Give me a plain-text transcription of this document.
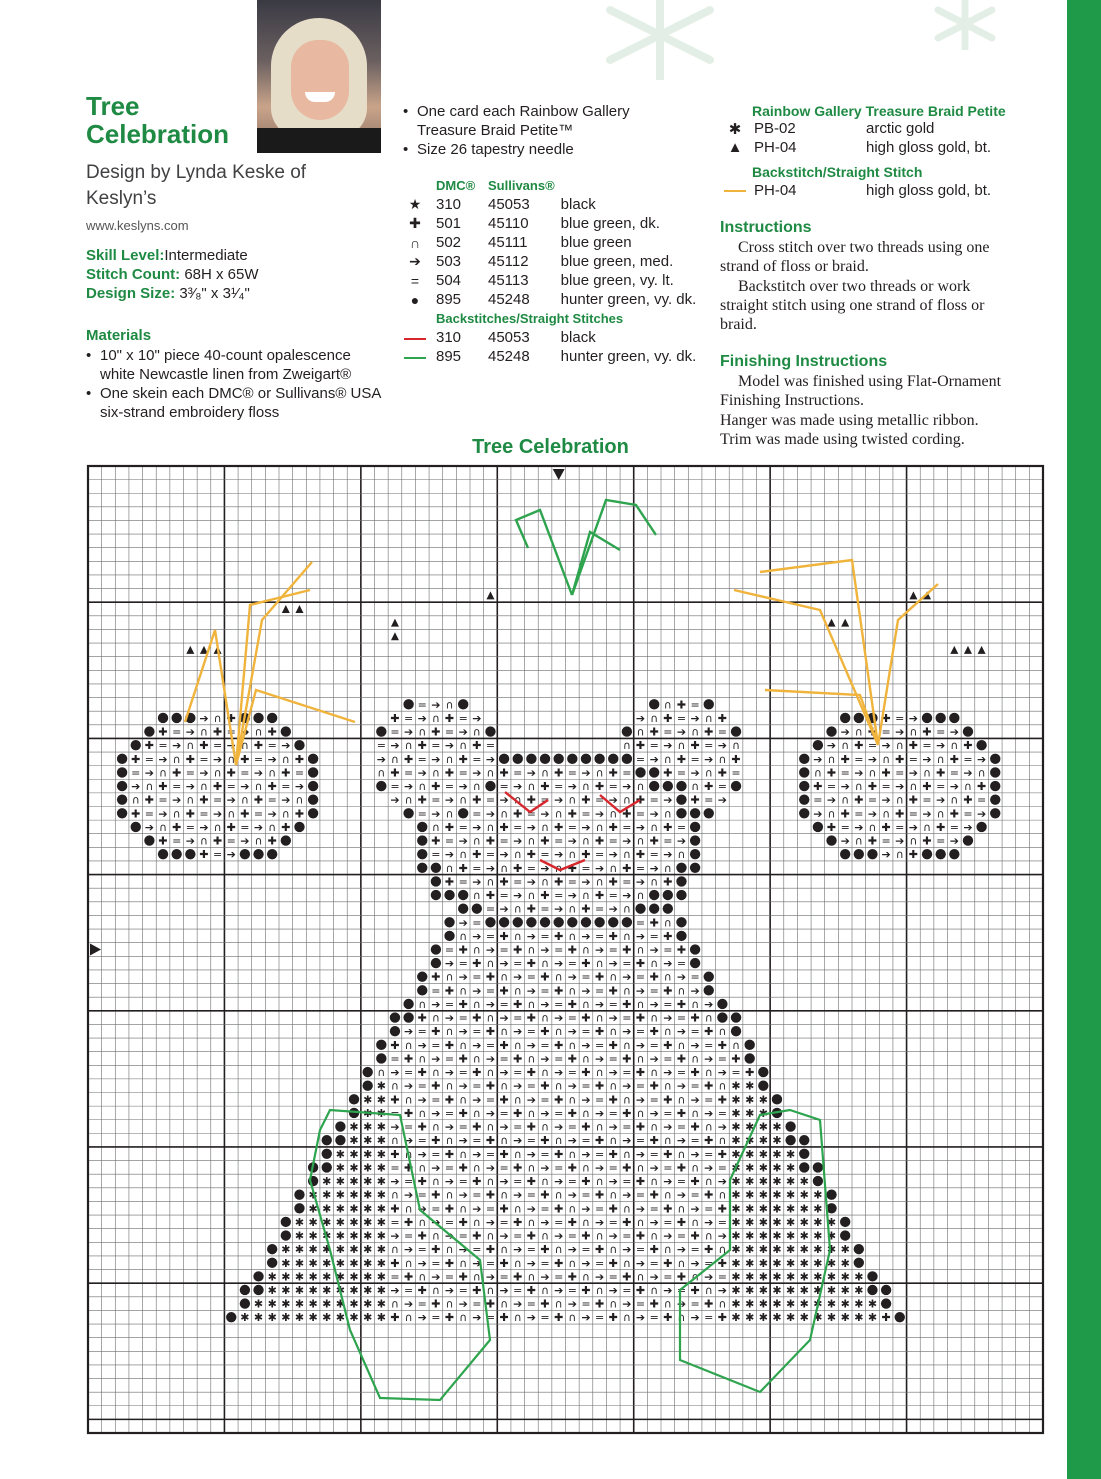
Tree Celebration
Design by Lynda Keske of Keslyn’s
www.keslyns.com
Skill Level:Intermediate
Stitch Count: 68H x 65W
Design Size: 3³⁄₈" x 3¹⁄₄"
Materials
• 10" x 10" piece 40-count opalescence white Newcastle linen from Zweigart®
• One skein each DMC® or Sullivans® USA six-strand embroidery floss
• One card each Rainbow Gallery Treasure Braid Petite™
• Size 26 tapestry needle
	DMC®	Sullivans®	
★	310	45053	black
✚	501	45110	blue green, dk.
∩	502	45111	blue green
➔	503	45112	blue green, med.
=	504	45113	blue green, vy. lt.
●	895	45248	hunter green, vy. dk.
Backstitches/Straight Stitches			
	310	45053	black
	895	45248	hunter green, vy. dk.
Rainbow Gallery Treasure Braid Petite
✱	PB-02	arctic gold
▲	PH-04	high gloss gold, bt.
Backstitch/Straight Stitch
	PH-04	high gloss gold, bt.
Instructions

Cross stitch over two threads using one strand of floss or braid.

Backstitch over two threads or work straight stitch using one strand of floss or braid.

Finishing Instructions

Model was finished using Flat-Ornament Finishing Instructions.

Hanger was made using metallic ribbon.

Trim was made using twisted cording.

Tree Celebration
= ➔ ∩	∩ ✚ =
➔ ∩ ✚	✚ = ➔ ∩ ✚ = ➔	➔ ∩ ✚ = ➔ ∩ ✚	✚ = ➔
✚ = ➔ ∩ ✚ = ➔ ∩ ✚	= ➔ ∩ ✚ = ➔ ∩	∩ ✚ = ➔ ∩ ✚ =	➔ ∩ ✚ = ➔ ∩ ✚ = ➔
✚ = ➔ ∩ ✚ = ➔ ∩ ✚ = ➔	= ➔ ∩ ✚ = ➔ ∩ ✚ =	∩ ✚ = ➔ ∩ ✚ = ➔ ∩	➔ ∩ ✚ = ➔ ∩ ✚ = ➔ ∩ ✚
✚ = ➔ ∩ ✚ = ➔ ∩ ✚ = ➔ ∩ ✚	➔ ∩ ✚ = ➔ ∩ ✚ = ➔	= ➔ ∩ ✚ = ➔ ∩ ✚	➔ ∩ ✚ = ➔ ∩ ✚ = ➔ ∩ ✚ = ➔
= ➔ ∩ ✚ = ➔ ∩ ✚ = ➔ ∩ ✚ =	∩ ✚ = ➔ ∩ ✚ = ➔ ∩ ✚ = ➔ ∩ ✚ = ➔ ∩ ✚ =	✚ = ➔ ∩ ✚ =	∩ ✚ = ➔ ∩ ✚ = ➔ ∩ ✚ = ➔ ∩
➔ ∩ ✚ = ➔ ∩ ✚ = ➔ ∩ ✚ = ➔	= ➔ ∩ ✚ = ➔ ∩ = ➔ ∩ ✚ = ➔ ∩ ✚ = ➔ ∩	∩ ✚ =	✚ = ➔ ∩ ✚ = ➔ ∩ ✚ = ➔ ∩ ✚
∩ ✚ = ➔ ∩ ✚ = ➔ ∩ ✚ = ➔ ∩	➔ ∩ ✚ = ➔ ∩ ✚ = ➔ ∩ ✚ = ➔ ∩ ✚ = ➔ ∩ ✚ = ➔ ✚ = ➔	= ➔ ∩ ✚ = ➔ ∩ ✚ = ➔ ∩ ✚ =
✚ = ➔ ∩ ✚ = ➔ ∩ ✚ = ➔ ∩ ✚	= ➔ ∩ = ➔ ∩ ✚ = ➔ ∩ ✚ = ➔ ∩ ✚ = ➔ ∩	➔ ∩ ✚ = ➔ ∩ ✚ = ➔ ∩ ✚ = ➔
➔ ∩ ✚ = ➔ ∩ ✚ = ➔ ∩ ✚	∩ ✚ = ➔ ∩ ✚ = ➔ ∩ ✚ = ➔ ∩ ✚ = ➔ ∩ ✚ =	✚ = ➔ ∩ ✚ = ➔ ∩ ✚ = ➔
✚ = ➔ ∩ ✚ = ➔ ∩ ✚	✚ = ➔ ∩ ✚ = ➔ ∩ ✚ = ➔ ∩ ✚ = ➔ ∩ ✚ = ➔	➔ ∩ ✚ = ➔ ∩ ✚ = ➔
✚ = ➔	= ➔ ∩ ✚ = ➔ ∩ ✚ = ➔ ∩ ✚ = ➔ ∩ ✚ = ➔ ∩	➔ ∩ ✚
∩ ✚ = ➔ ∩ ✚ = ➔ ∩ ✚ = ➔ ∩ ✚ = ➔ ∩
✚ = ➔ ∩ ✚ = ➔ ∩ ✚ = ➔ ∩ ✚ = ➔ ∩ ✚
∩ ✚ = ➔ ∩ ✚ = ➔ ∩ ✚ = ➔ ∩
= ➔ ∩ ✚ = ➔ ∩ ✚ = ➔ ∩
➔ =	= ✚ ∩
∩ ➔ = ✚ ∩ ➔ = ✚ ∩ ➔ = ✚ ∩ ➔ = ✚
= ✚ ∩ ➔ = ✚ ∩ ➔ = ✚ ∩ ➔ = ✚ ∩ ➔ = ✚
➔ = ✚ ∩ ➔ = ✚ ∩ ➔ = ✚ ∩ ➔ = ✚ ∩ ➔ =
✚ ∩ ➔ = ✚ ∩ ➔ = ✚ ∩ ➔ = ✚ ∩ ➔ = ✚ ∩ ➔ =
= ✚ ∩ ➔ = ✚ ∩ ➔ = ✚ ∩ ➔ = ✚ ∩ ➔ = ✚ ∩ ➔
∩ ➔ = ✚ ∩ ➔ = ✚ ∩ ➔ = ✚ ∩ ➔ = ✚ ∩ ➔ = ✚ ∩ ➔
✚ ∩ ➔ = ✚ ∩ ➔ = ✚ ∩ ➔ = ✚ ∩ ➔ = ✚ ∩ ➔ = ✚ ∩
➔ = ✚ ∩ ➔ = ✚ ∩ ➔ = ✚ ∩ ➔ = ✚ ∩ ➔ = ✚ ∩ ➔ = ✚ ∩
✚ ∩ ➔ = ✚ ∩ ➔ = ✚ ∩ ➔ = ✚ ∩ ➔ = ✚ ∩ ➔ = ✚ ∩ ➔ = ✚ ∩
= ✚ ∩ ➔ = ✚ ∩ ➔ = ✚ ∩ ➔ = ✚ ∩ ➔ = ✚ ∩ ➔ = ✚ ∩ ➔ = ✚
∩ ➔ = ✚ ∩ ➔ = ✚ ∩ ➔ = ✚ ∩ ➔ = ✚ ∩ ➔ = ✚ ∩ ➔ = ✚ ∩ ➔ = ✚
✱ ∩ ➔ = ✚ ∩ ➔ = ✚ ∩ ➔ = ✚ ∩ ➔ = ✚ ∩ ➔ = ✚ ∩ ➔ = ✚ ∩ ✱ ✱
✱ ✱ ✚ ∩ ➔ = ✚ ∩ ➔ = ✚ ∩ ➔ = ✚ ∩ ➔ = ✚ ∩ ➔ = ✚ ∩ ➔ = ✚ ✱ ✱ ✱
✱ ✱ = ✚ ∩ ➔ = ✚ ∩ ➔ = ✚ ∩ ➔ = ✚ ∩ ➔ = ✚ ∩ ➔ = ✚ ∩ ➔ = ✱ ✱ ✱
✱ ✱ ✱ ➔ = ✚ ∩ ➔ = ✚ ∩ ➔ = ✚ ∩ ➔ = ✚ ∩ ➔ = ✚ ∩ ➔ = ✚ ∩ ➔ ✱ ✱ ✱ ✱
✱ ✱ ✱ ∩ ➔ = ✚ ∩ ➔ = ✚ ∩ ➔ = ✚ ∩ ➔ = ✚ ∩ ➔ = ✚ ∩ ➔ = ✚ ∩ ✱ ✱ ✱ ✱
✱ ✱ ✱ ✱ ✚ ∩ ➔ = ✚ ∩ ➔ = ✚ ∩ ➔ = ✚ ∩ ➔ = ✚ ∩ ➔ = ✚ ∩ ➔ = ✚ ✱ ✱ ✱ ✱ ✱
✱ ✱ ✱ ✱ = ✚ ∩ ➔ = ✚ ∩ ➔ = ✚ ∩ ➔ = ✚ ∩ ➔ = ✚ ∩ ➔ = ✚ ∩ ➔ = ✱ ✱ ✱ ✱ ✱
✱ ✱ ✱ ✱ ✱ ➔ = ✚ ∩ ➔ = ✚ ∩ ➔ = ✚ ∩ ➔ = ✚ ∩ ➔ = ✚ ∩ ➔ = ✚ ∩ ➔ ✱ ✱ ✱ ✱ ✱ ✱
✱ ✱ ✱ ✱ ✱ ✱ ∩ ➔ = ✚ ∩ ➔ = ✚ ∩ ➔ = ✚ ∩ ➔ = ✚ ∩ ➔ = ✚ ∩ ➔ = ✚ ∩ ✱ ✱ ✱ ✱ ✱ ✱ ✱
✱ ✱ ✱ ✱ ✱ ✱ ✚ ∩ ➔ = ✚ ∩ ➔ = ✚ ∩ ➔ = ✚ ∩ ➔ = ✚ ∩ ➔ = ✚ ∩ ➔ = ✚ ✱ ✱ ✱ ✱ ✱ ✱ ✱
✱ ✱ ✱ ✱ ✱ ✱ ✱ = ✚ ∩ ➔ = ✚ ∩ ➔ = ✚ ∩ ➔ = ✚ ∩ ➔ = ✚ ∩ ➔ = ✚ ∩ ➔ = ✱ ✱ ✱ ✱ ✱ ✱ ✱ ✱
✱ ✱ ✱ ✱ ✱ ✱ ✱ ➔ = ✚ ∩ ➔ = ✚ ∩ ➔ = ✚ ∩ ➔ = ✚ ∩ ➔ = ✚ ∩ ➔ = ✚ ∩ ➔ ✱ ✱ ✱ ✱ ✱ ✱ ✱ ✱
✱ ✱ ✱ ✱ ✱ ✱ ✱ ✱ ∩ ➔ = ✚ ∩ ➔ = ✚ ∩ ➔ = ✚ ∩ ➔ = ✚ ∩ ➔ = ✚ ∩ ➔ = ✚ ∩ ✱ ✱ ✱ ✱ ✱ ✱ ✱ ✱ ✱
✱ ✱ ✱ ✱ ✱ ✱ ✱ ✱ ✚ ∩ ➔ = ✚ ∩ ➔ = ✚ ∩ ➔ = ✚ ∩ ➔ = ✚ ∩ ➔ = ✚ ∩ ➔ = ✚ ✱ ✱ ✱ ✱ ✱ ✱ ✱ ✱ ✱
✱ ✱ ✱ ✱ ✱ ✱ ✱ ✱ ✱ = ✚ ∩ ➔ = ✚ ∩ ➔ = ✚ ∩ ➔ = ✚ ∩ ➔ = ✚ ∩ ➔ = ✚ ∩ ➔ = ✱ ✱ ✱ ✱ ✱ ✱ ✱ ✱ ✱ ✱
✱ ✱ ✱ ✱ ✱ ✱ ✱ ✱ ✱ ➔ = ✚ ∩ ➔ = ✚ ∩ ➔ = ✚ ∩ ➔ = ✚ ∩ ➔ = ✚ ∩ ➔ = ✚ ∩ ➔ ✱ ✱ ✱ ✱ ✱ ✱ ✱ ✱ ✱ ✱
✱ ✱ ✱ ✱ ✱ ✱ ✱ ✱ ✱ ✱ ∩ ➔ = ✚ ∩ ➔ = ✚ ∩ ➔ = ✚ ∩ ➔ = ✚ ∩ ➔ = ✚ ∩ ➔ = ✚ ∩ ✱ ✱ ✱ ✱ ✱ ✱ ✱ ✱ ✱ ✱ ✱
✱ ✱ ✱ ✱ ✱ ✱ ✱ ✱ ✱ ✱ ✱ ✚ ∩ ➔ = ✚ ∩ ➔ = ✚ ∩ ➔ = ✚ ∩ ➔ = ✚ ∩ ➔ = ✚ ∩ ➔ = ✚ ✱ ✱ ✱ ✱ ✱ ✱ ✱ ✱ ✱ ✱ ✱ ✚
